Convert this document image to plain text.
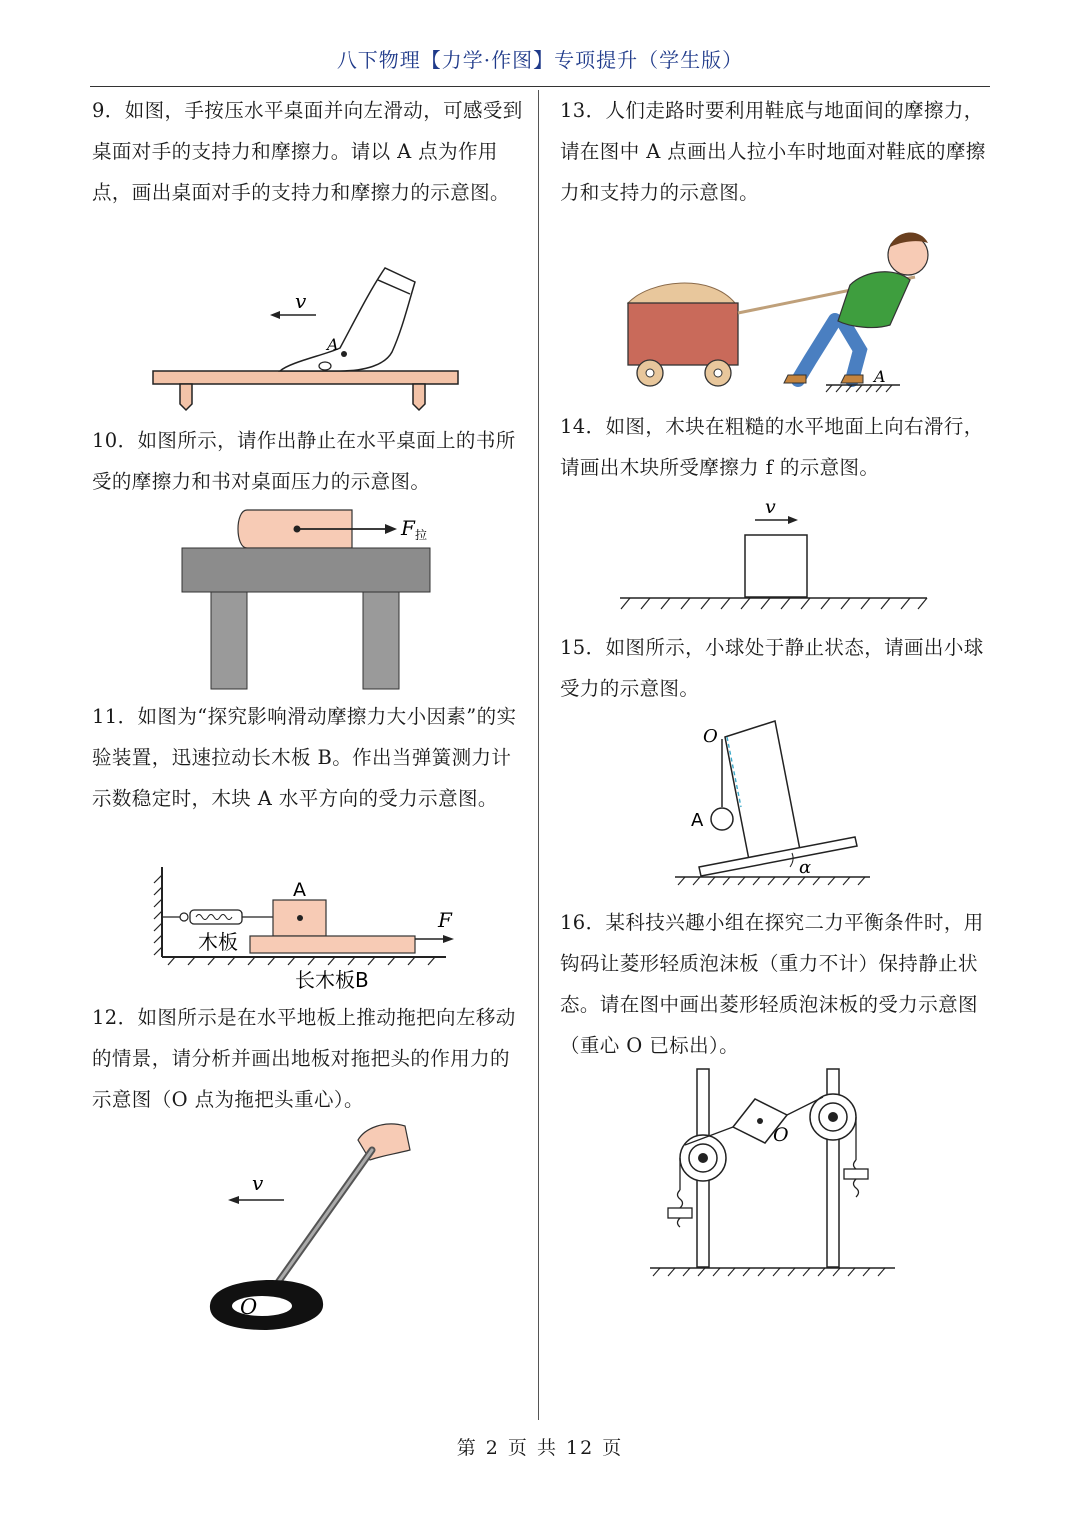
八下物理【力学·作图】专项提升（学生版）
9．如图，手按压水平桌面并向左滑动，可感受到桌面对手的支持力和摩擦力。请以 A 点为作用点，画出桌面对手的支持力和摩擦力的示意图。
10．如图所示，请作出静止在水平桌面上的书所受的摩擦力和书对桌面压力的示意图。
11．如图为“探究影响滑动摩擦力大小因素”的实验装置，迅速拉动长木板 B。作出当弹簧测力计示数稳定时，木块 A 水平方向的受力示意图。
12．如图所示是在水平地板上推动拖把向左移动的情景，请分析并画出地板对拖把头的作用力的示意图（O 点为拖把头重心）。
13．人们走路时要利用鞋底与地面间的摩擦力，请在图中 A 点画出人拉小车时地面对鞋底的摩擦力和支持力的示意图。
14．如图，木块在粗糙的水平地面上向右滑行，请画出木块所受摩擦力 f 的示意图。
15．如图所示，小球处于静止状态，请画出小球受力的示意图。
16．某科技兴趣小组在探究二力平衡条件时，用钩码让菱形轻质泡沫板（重力不计）保持静止状态。请在图中画出菱形轻质泡沫板的受力示意图（重心 O 已标出）。
A
v
F 拉
A
F
木板
长木板B
O
v
A
v
O
A
α
O
第 2 页 共 12 页
